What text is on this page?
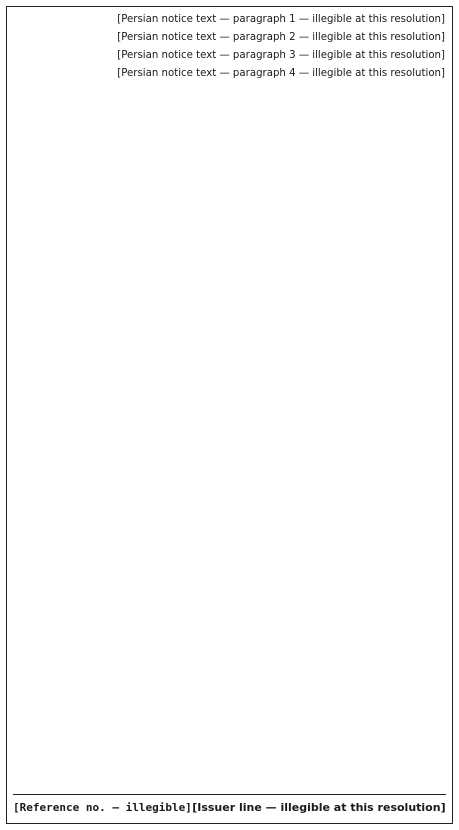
[Persian notice text — paragraph 1 — illegible at this resolution]

[Persian notice text — paragraph 2 — illegible at this resolution]

[Persian notice text — paragraph 3 — illegible at this resolution]

[Persian notice text — paragraph 4 — illegible at this resolution]

[Issuer line — illegible at this resolution]
[Reference no. — illegible]
